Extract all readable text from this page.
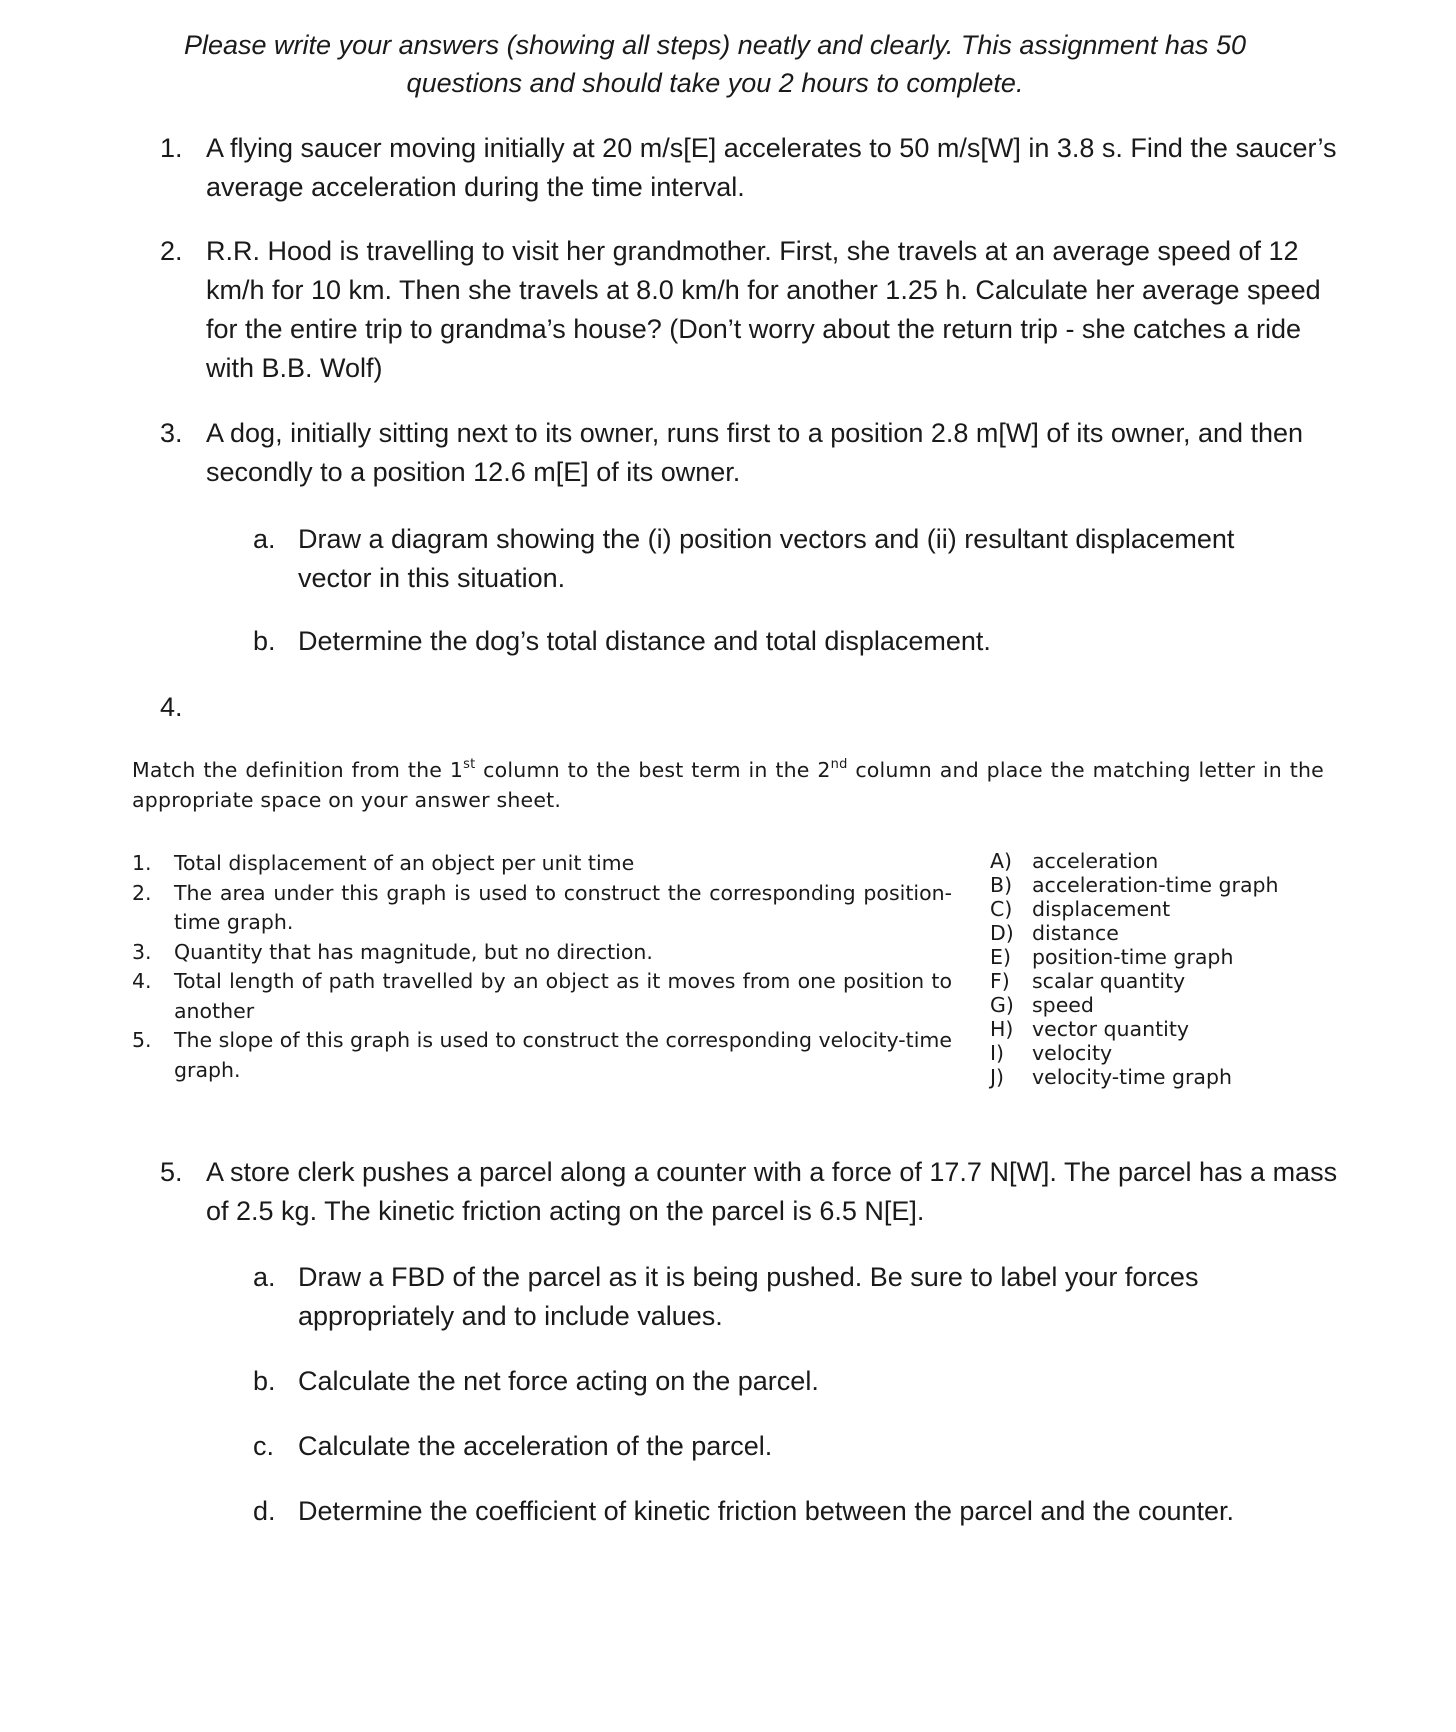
Please write your answers (showing all steps) neatly and clearly. This assignment has 50
questions and should take you 2 hours to complete.
1. A flying saucer moving initially at 20 m/s[E] accelerates to 50 m/s[W] in 3.8 s. Find the saucer’s average acceleration during the time interval.
2. R.R. Hood is travelling to visit her grandmother. First, she travels at an average speed of 12 km/h for 10 km. Then she travels at 8.0 km/h for another 1.25 h. Calculate her average speed for the entire trip to grandma’s house? (Don’t worry about the return trip - she catches a ride with B.B. Wolf)
3. A dog, initially sitting next to its owner, runs first to a position 2.8 m[W] of its owner, and then secondly to a position 12.6 m[E] of its owner.
a. Draw a diagram showing the (i) position vectors and (ii) resultant displacement vector in this situation.
b. Determine the dog’s total distance and total displacement.
4.
Match the definition from the 1st column to the best term in the 2nd column and place the matching letter in the appropriate space on your answer sheet.
1. Total displacement of an object per unit time
2. The area under this graph is used to construct the corresponding position-time graph.
3. Quantity that has magnitude, but no direction.
4. Total length of path travelled by an object as it moves from one position to another
5. The slope of this graph is used to construct the corresponding velocity-time graph.
A) acceleration
B) acceleration-time graph
C) displacement
D) distance
E) position-time graph
F) scalar quantity
G) speed
H) vector quantity
I) velocity
J) velocity-time graph
5. A store clerk pushes a parcel along a counter with a force of 17.7 N[W]. The parcel has a mass of 2.5 kg. The kinetic friction acting on the parcel is 6.5 N[E].
a. Draw a FBD of the parcel as it is being pushed. Be sure to label your forces appropriately and to include values.
b. Calculate the net force acting on the parcel.
c. Calculate the acceleration of the parcel.
d. Determine the coefficient of kinetic friction between the parcel and the counter.
